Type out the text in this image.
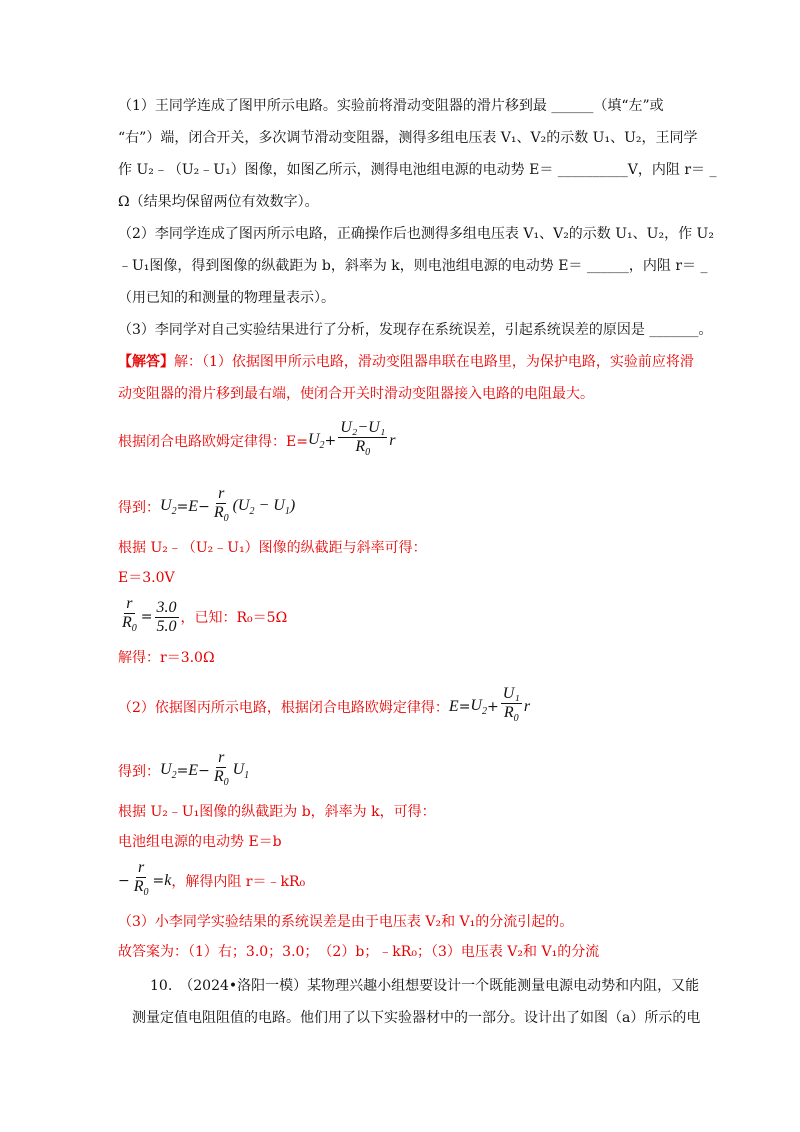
（1）王同学连成了图甲所示电路。实验前将滑动变阻器的滑片移到最 ______（填“左”或
“右”）端，闭合开关，多次调节滑动变阻器，测得多组电压表 V₁、V₂的示数 U₁、U₂，王同学
作 U₂﹣（U₂﹣U₁）图像，如图乙所示，测得电池组电源的电动势 E＝ __________V，内阻 r＝ _
Ω（结果均保留两位有效数字）。
（2）李同学连成了图丙所示电路，正确操作后也测得多组电压表 V₁、V₂的示数 U₁、U₂，作 U₂
﹣U₁图像，得到图像的纵截距为 b，斜率为 k，则电池组电源的电动势 E＝ ______，内阻 r＝ _
（用已知的和测量的物理量表示）。
（3）李同学对自己实验结果进行了分析，发现存在系统误差，引起系统误差的原因是 _______。
【解答】解：（1）依据图甲所示电路，滑动变阻器串联在电路里，为保护电路，实验前应将滑
动变阻器的滑片移到最右端，使闭合开关时滑动变阻器接入电路的电阻最大。
根据闭合电路欧姆定律得：$E= U_2 + \frac{\text{U₂−U₁}}{R_0}$ r
得到： $U_2 = E - \frac{r}{R_0} (U_2 - U_1)$
根据 U₂﹣（U₂﹣U₁）图像的纵截距与斜率可得：
E＝3.0V
$\frac{r}{R_0} = \frac{3.0}{5.0}$ ，已知：R₀＝5Ω
解得：r＝3.0Ω
（2）依据图丙所示电路，根据闭合电路欧姆定律得： $E = U_2 + \frac{\text{U₁}}{R_0}$ r
得到： $U_2 = E - \frac{r}{R_0} U_1$
根据 U₂﹣U₁图像的纵截距为 b，斜率为 k，可得：
电池组电源的电动势 E＝b
− $\frac{r}{R_0} = k$ ，解得内阻 r＝﹣kR₀
（3）小李同学实验结果的系统误差是由于电压表 V₂和 V₁的分流引起的。
故答案为：（1）右；3.0；3.0；　（2）b；﹣kR₀；（3）电压表 V₂和 V₁的分流
10.　（2024•洛阳一模）某物理兴趣小组想要设计一个既能测量电源电动势和内阻，又能
测量定值电阻阻值的电路。他们用了以下实验器材中的一部分。设计出了如图（a）所示的电
